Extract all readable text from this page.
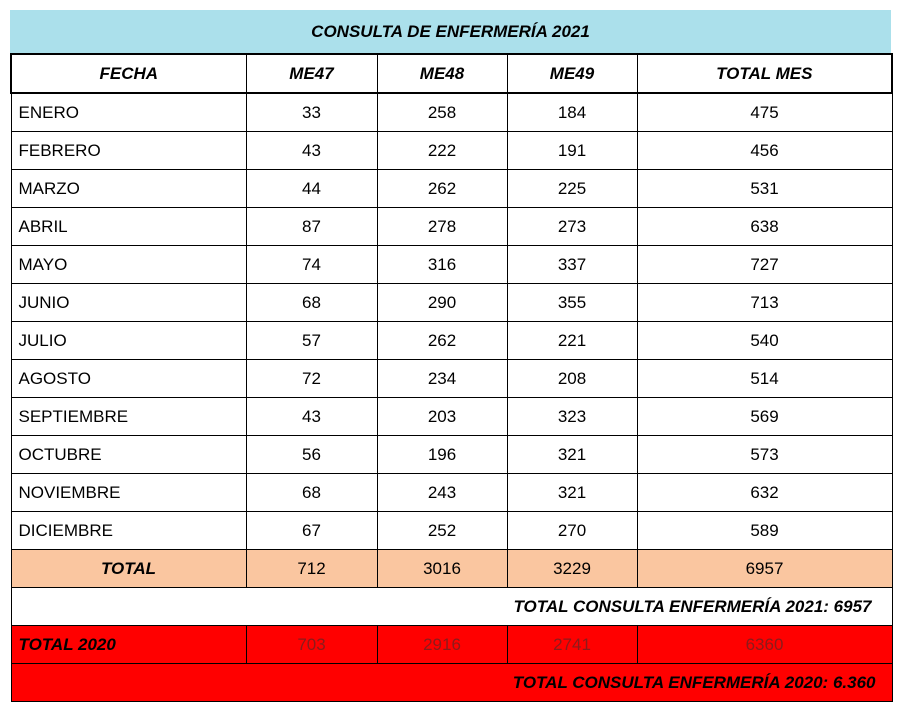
CONSULTA DE ENFERMERÍA 2021
FECHA	ME47	ME48	ME49	TOTAL MES
ENERO	33	258	184	475
FEBRERO	43	222	191	456
MARZO	44	262	225	531
ABRIL	87	278	273	638
MAYO	74	316	337	727
JUNIO	68	290	355	713
JULIO	57	262	221	540
AGOSTO	72	234	208	514
SEPTIEMBRE	43	203	323	569
OCTUBRE	56	196	321	573
NOVIEMBRE	68	243	321	632
DICIEMBRE	67	252	270	589
TOTAL	712	3016	3229	6957
TOTAL CONSULTA ENFERMERÍA 2021: 6957				
TOTAL 2020	703	2916	2741	6360
TOTAL CONSULTA ENFERMERÍA 2020: 6.360				
